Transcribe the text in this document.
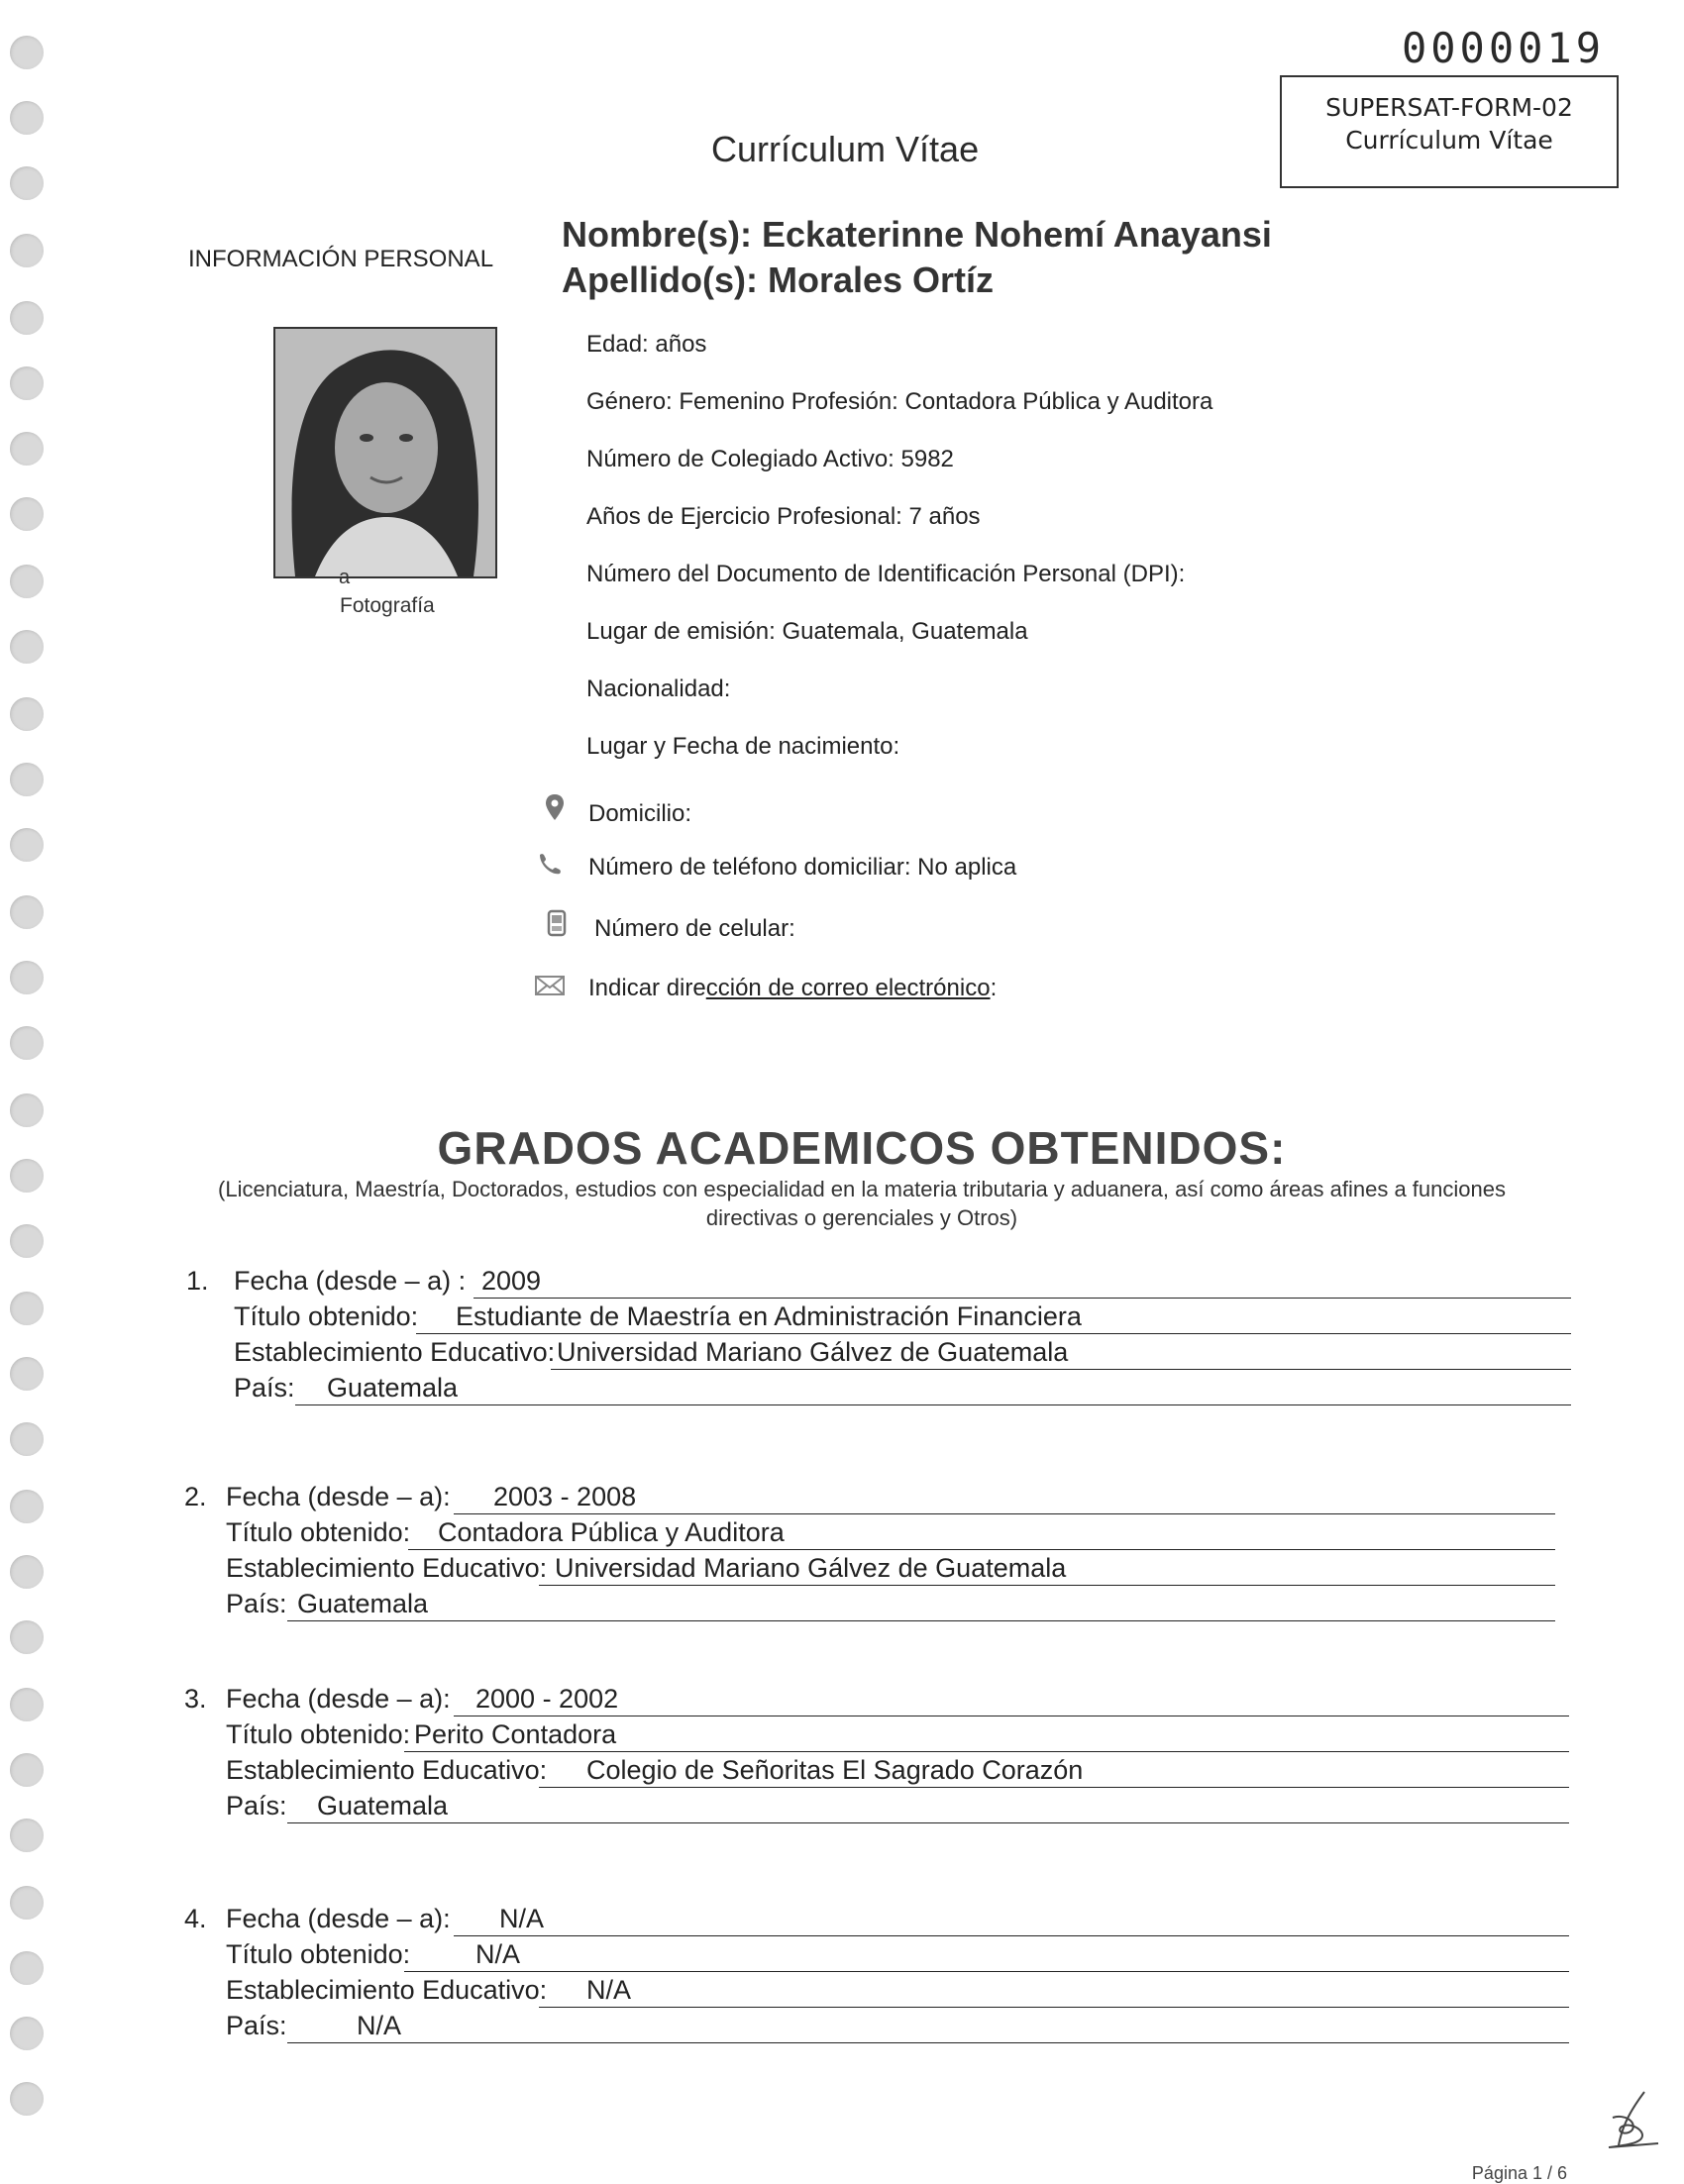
0000019
SUPERSAT-FORM-02
Currículum Vítae
Currículum Vítae
INFORMACIÓN PERSONAL
Nombre(s): Eckaterinne Nohemí Anayansi
Apellido(s): Morales Ortíz
a
Fotografía
Edad: años
Género: Femenino Profesión: Contadora Pública y Auditora
Número de Colegiado Activo: 5982
Años de Ejercicio Profesional: 7 años
Número del Documento de Identificación Personal (DPI):
Lugar de emisión: Guatemala, Guatemala
Nacionalidad:
Lugar y Fecha de nacimiento:
Domicilio:
Número de teléfono domiciliar: No aplica
Número de celular:
Indicar dirección de correo electrónico:
GRADOS ACADEMICOS OBTENIDOS:
(Licenciatura, Maestría, Doctorados, estudios con especialidad en la materia tributaria y aduanera, así como áreas afines a funciones
directivas o gerenciales y Otros)
1. Fecha (desde – a) : 2009
Título obtenido: Estudiante de Maestría en Administración Financiera
Establecimiento Educativo: Universidad Mariano Gálvez de Guatemala
País: Guatemala
2. Fecha (desde – a): 2003 - 2008
Título obtenido: Contadora Pública y Auditora
Establecimiento Educativo: Universidad Mariano Gálvez de Guatemala
País: Guatemala
3. Fecha (desde – a): 2000 - 2002
Título obtenido: Perito Contadora
Establecimiento Educativo: Colegio de Señoritas El Sagrado Corazón
País: Guatemala
4. Fecha (desde – a): N/A
Título obtenido: N/A
Establecimiento Educativo: N/A
País:	N/A
Página 1 / 6
